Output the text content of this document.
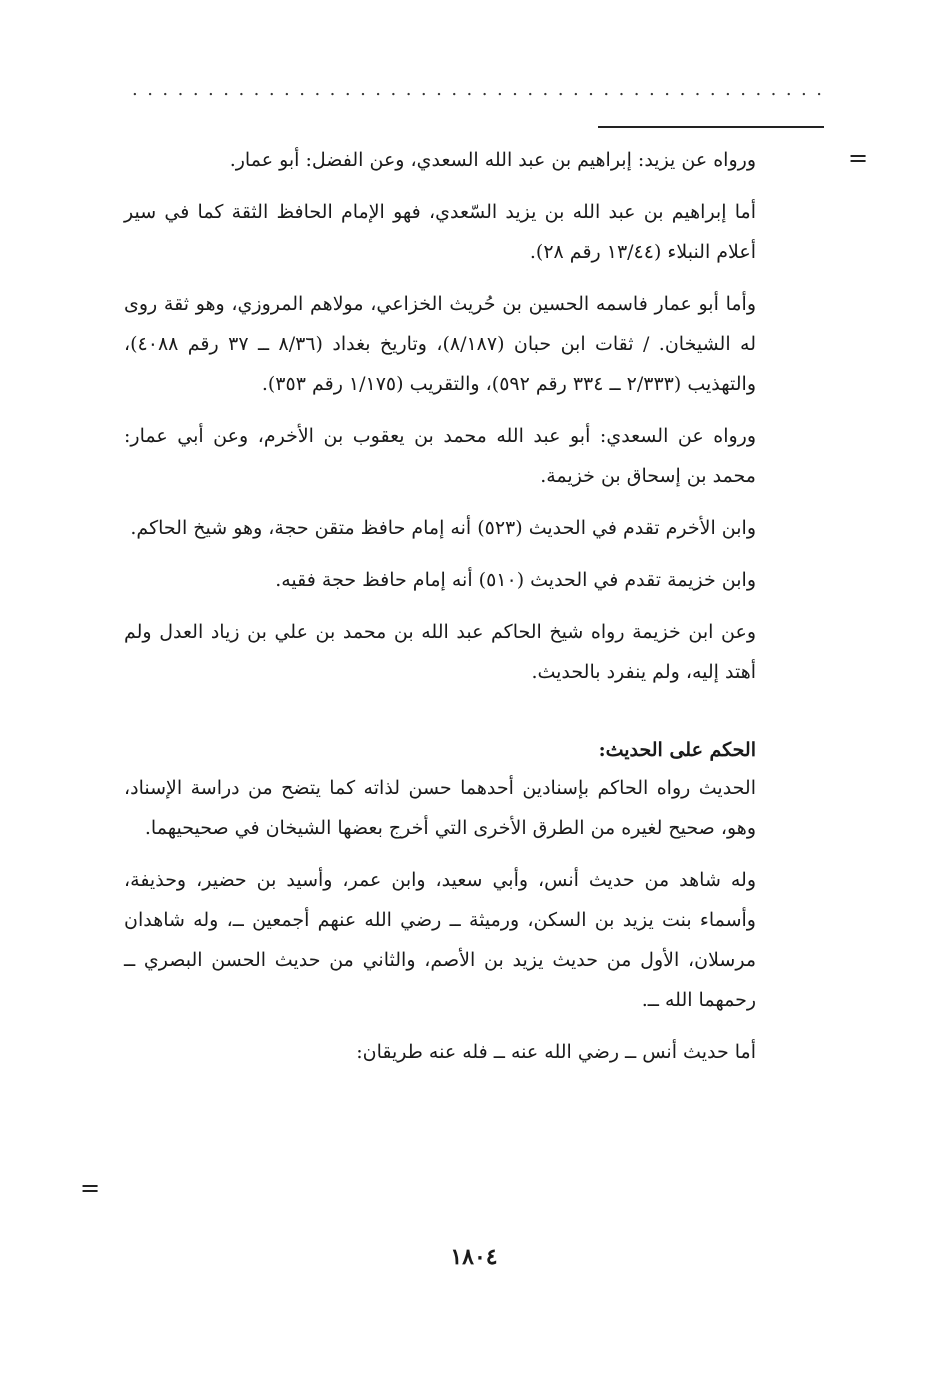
. . . . . . . . . . . . . . . . . . . . . . . . . . . . . . . . . . . . . . . . . . . . . .
=
=

ورواه عن يزيد: إبراهيم بن عبد الله السعدي، وعن الفضل: أبو عمار.

أما إبراهيم بن عبد الله بن يزيد السّعدي، فهو الإمام الحافظ الثقة كما في سير أعلام النبلاء (١٣/٤٤ رقم ٢٨).

وأما أبو عمار فاسمه الحسين بن حُريث الخزاعي، مولاهم المروزي، وهو ثقة روى له الشيخان. / ثقات ابن حبان (٨/١٨٧)، وتاريخ بغداد (٨/٣٦ ــ ٣٧ رقم ٤٠٨٨)، والتهذيب (٢/٣٣٣ ــ ٣٣٤ رقم ٥٩٢)، والتقريب (١/١٧٥ رقم ٣٥٣).

ورواه عن السعدي: أبو عبد الله محمد بن يعقوب بن الأخرم، وعن أبي عمار: محمد بن إسحاق بن خزيمة.

وابن الأخرم تقدم في الحديث (٥٢٣) أنه إمام حافظ متقن حجة، وهو شيخ الحاكم.

وابن خزيمة تقدم في الحديث (٥١٠) أنه إمام حافظ حجة فقيه.

وعن ابن خزيمة رواه شيخ الحاكم عبد الله بن محمد بن علي بن زياد العدل ولم أهتد إليه، ولم ينفرد بالحديث.

الحكم على الحديث:

الحديث رواه الحاكم بإسنادين أحدهما حسن لذاته كما يتضح من دراسة الإسناد، وهو، صحيح لغيره من الطرق الأخرى التي أخرج بعضها الشيخان في صحيحيهما.

وله شاهد من حديث أنس، وأبي سعيد، وابن عمر، وأسيد بن حضير، وحذيفة، وأسماء بنت يزيد بن السكن، ورميثة ــ رضي الله عنهم أجمعين ــ، وله شاهدان مرسلان، الأول من حديث يزيد بن الأصم، والثاني من حديث الحسن البصري ــ رحمهما الله ــ.

أما حديث أنس ــ رضي الله عنه ــ فله عنه طريقان:

١٨٠٤
